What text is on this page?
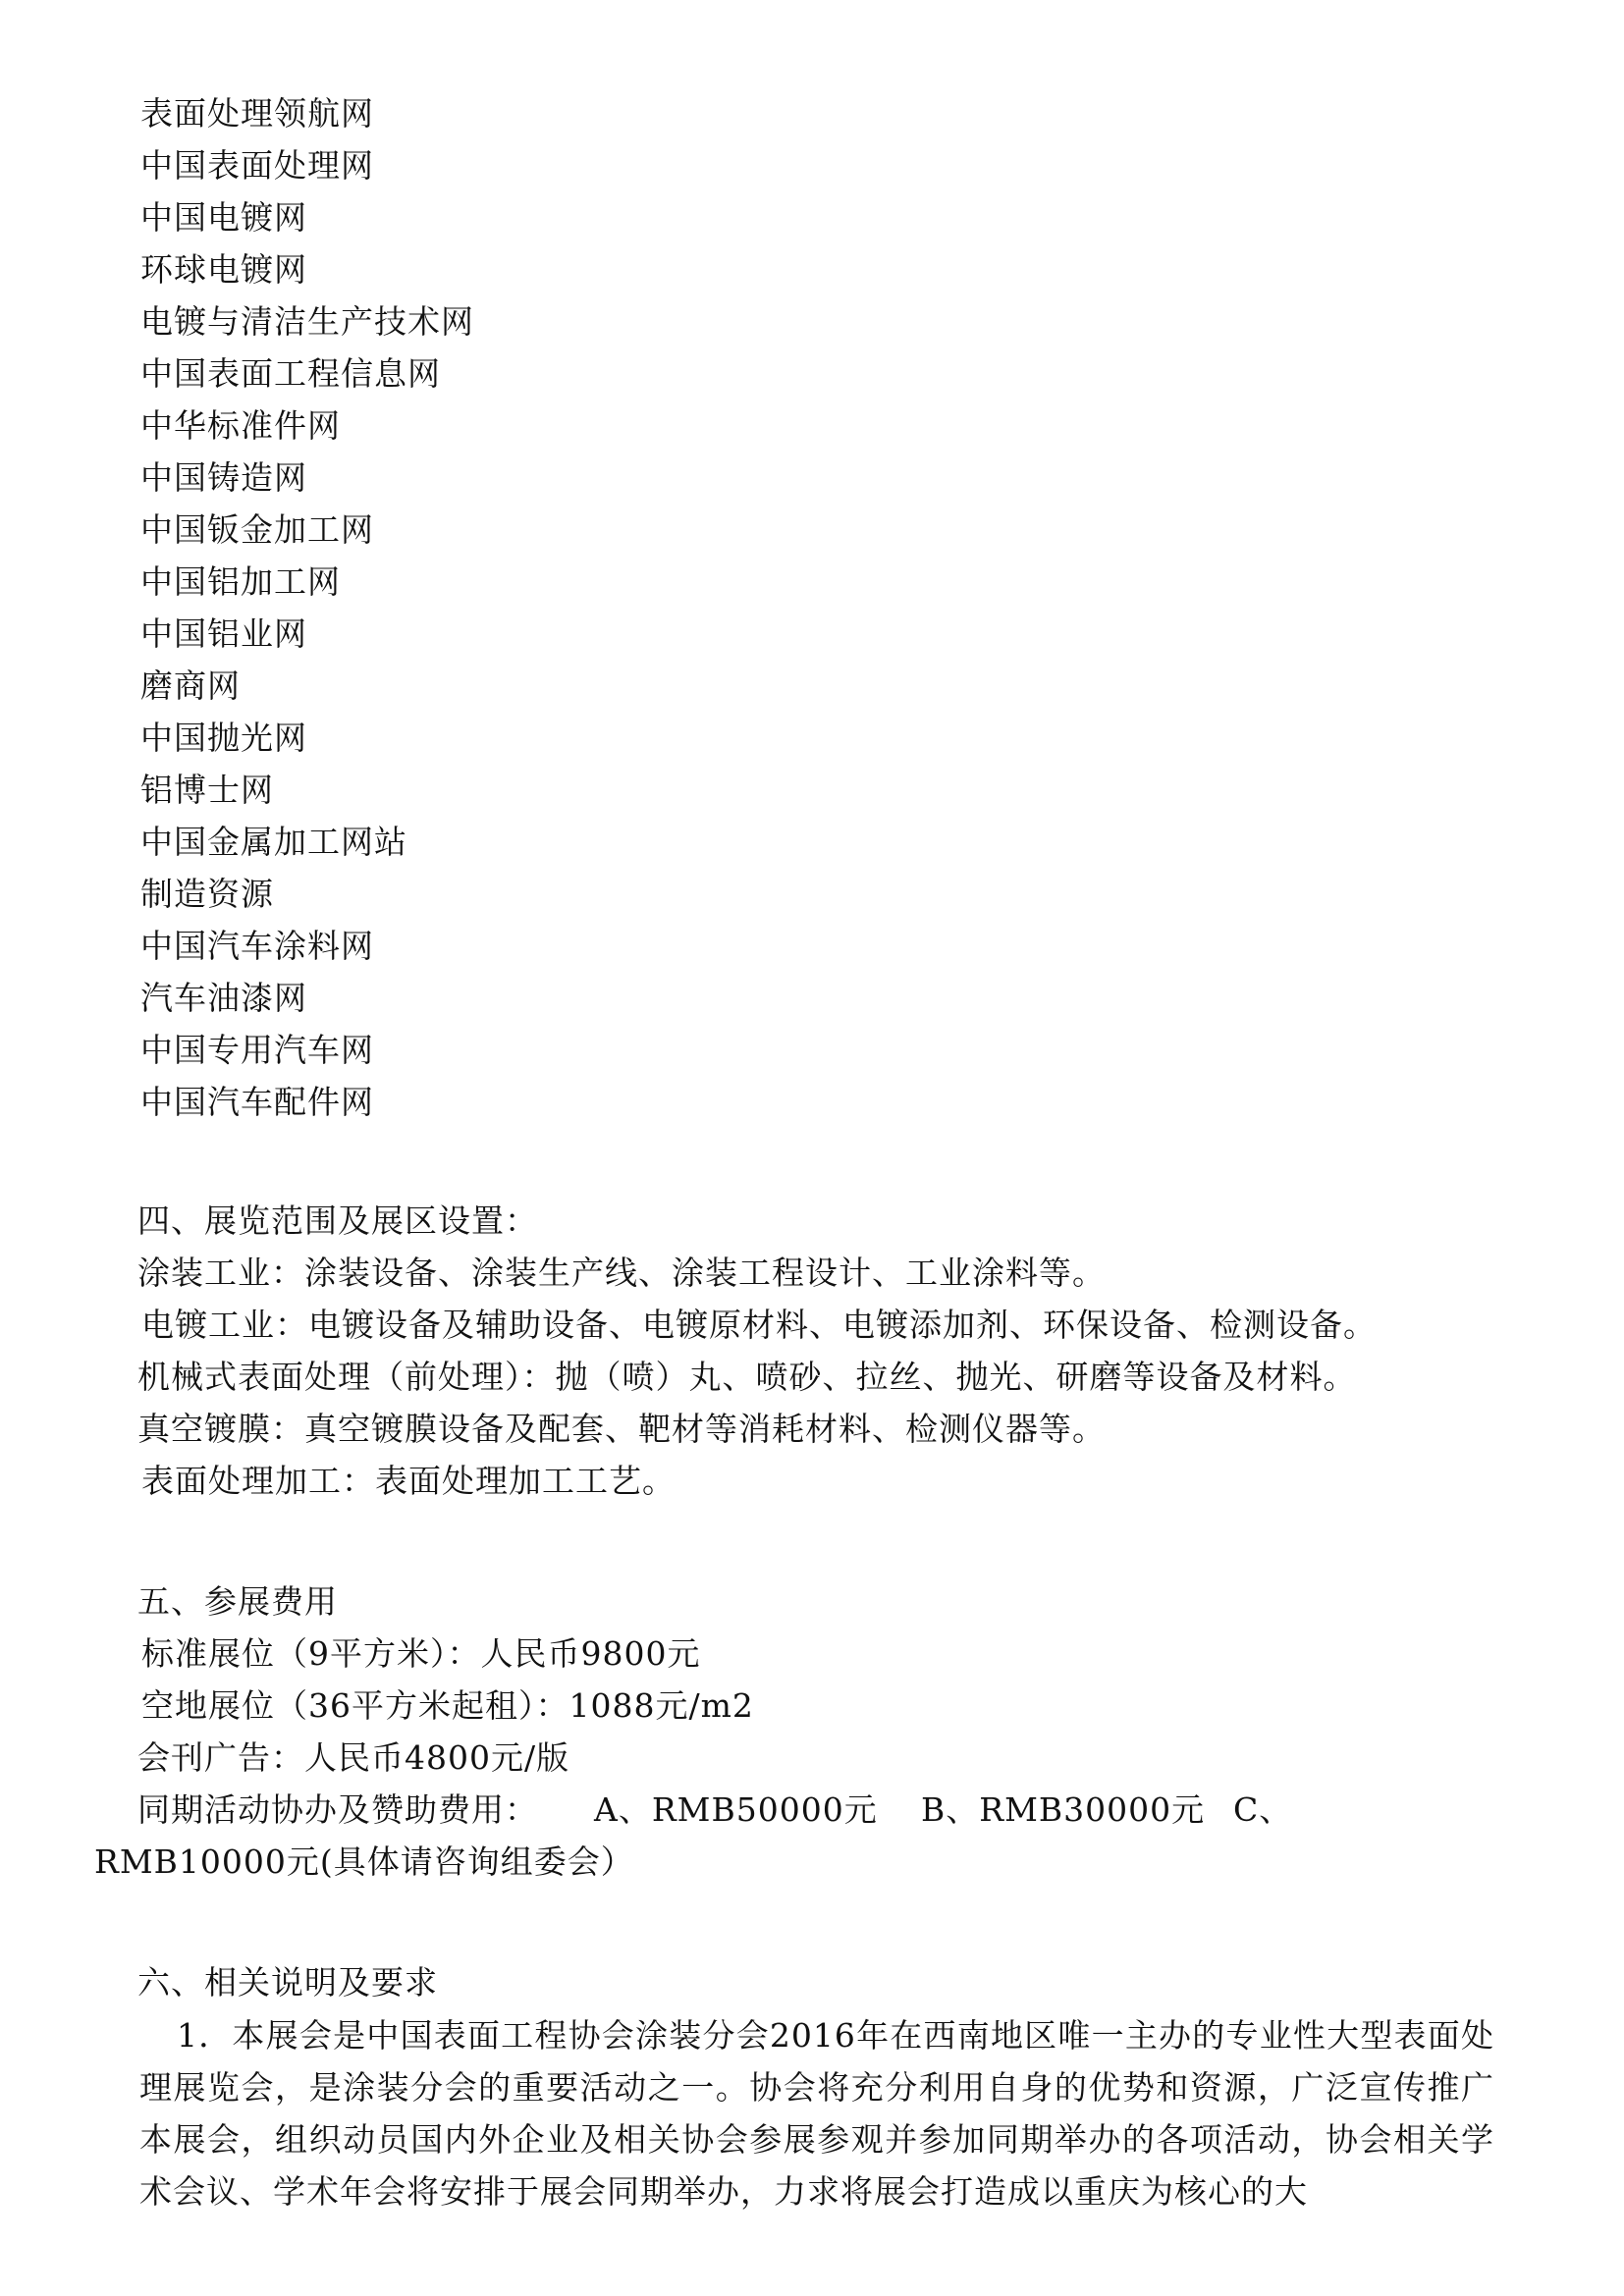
表面处理领航网
中国表面处理网
中国电镀网
环球电镀网
电镀与清洁生产技术网
中国表面工程信息网
中华标准件网
中国铸造网
中国钣金加工网
中国铝加工网
中国铝业网
磨商网
中国抛光网
铝博士网
中国金属加工网站
制造资源
中国汽车涂料网
汽车油漆网
中国专用汽车网
中国汽车配件网
四、展览范围及展区设置：
涂装工业：涂装设备、涂装生产线、涂装工程设计、工业涂料等。
电镀工业：电镀设备及辅助设备、电镀原材料、电镀添加剂、环保设备、检测设备。
机械式表面处理（前处理）：抛（喷）丸、喷砂、拉丝、抛光、研磨等设备及材料。
真空镀膜：真空镀膜设备及配套、靶材等消耗材料、检测仪器等。
表面处理加工：表面处理加工工艺。
五、参展费用
标准展位（9平方米）：人民币9800元
空地展位（36平方米起租）：1088元/m2
会刊广告：人民币4800元/版
同期活动协办及赞助费用： A、RMB50000元 B、RMB30000元 C、
RMB10000元(具体请咨询组委会）
六、相关说明及要求
1．本展会是中国表面工程协会涂装分会2016年在西南地区唯一主办的专业性大型表面处理展览会，是涂装分会的重要活动之一。协会将充分利用自身的优势和资源，广泛宣传推广本展会，组织动员国内外企业及相关协会参展参观并参加同期举办的各项活动，协会相关学术会议、学术年会将安排于展会同期举办，力求将展会打造成以重庆为核心的大
